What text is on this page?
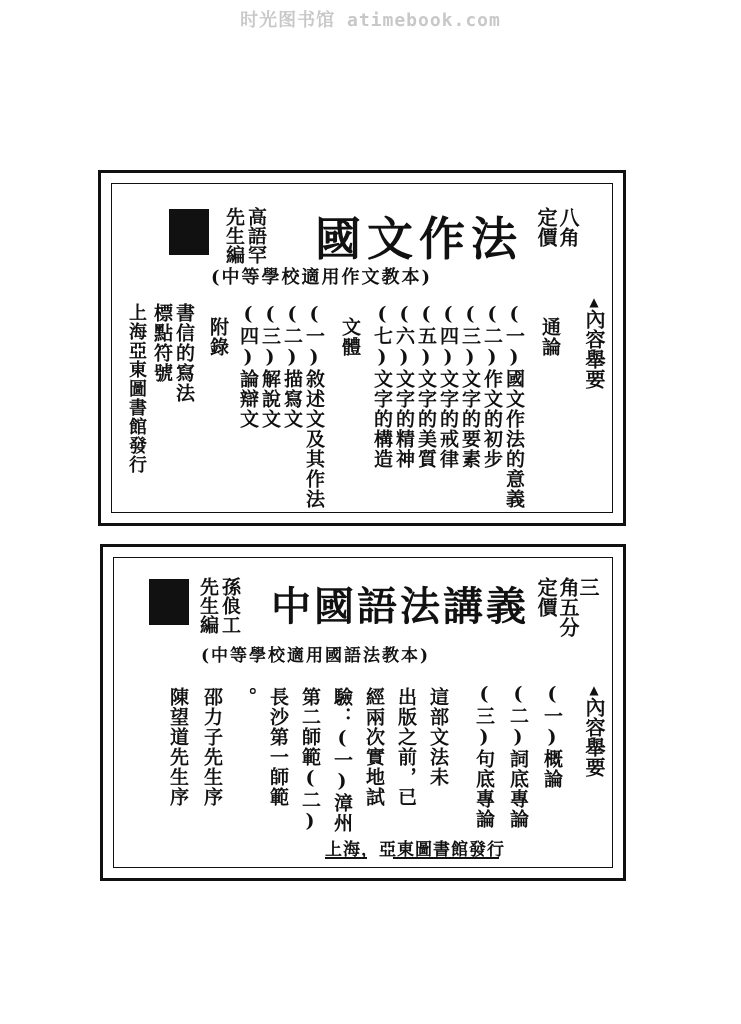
时光图书馆 atimebook.com
定價
八角
國文作法
高語罕
先生編
(中等學校適用作文教本)
▲內容舉要
通論
(一)國文作法的意義
(二)作文的初步
(三)文字的要素
(四)文字的戒律
(五)文字的美質
(六)文字的精神
(七)文字的構造
文體
(一)敘述文及其作法
(二)描寫文
(三)解說文
(四)論辯文
附錄
書信的寫法
標點符號
上海亞東圖書館發行
三
定價
角五分
中國語法講義
孫俍工
先生編
(中等學校適用國語法教本)
▲內容舉要
(一)概論
(二)詞底專論
(三)句底專論
這部文法未
出版之前，已
經兩次實地試
驗：(一)漳州
第二師範(二)
長沙第一師範
。
邵力子先生序
陳望道先生序
上海，亞東圖書館發行
